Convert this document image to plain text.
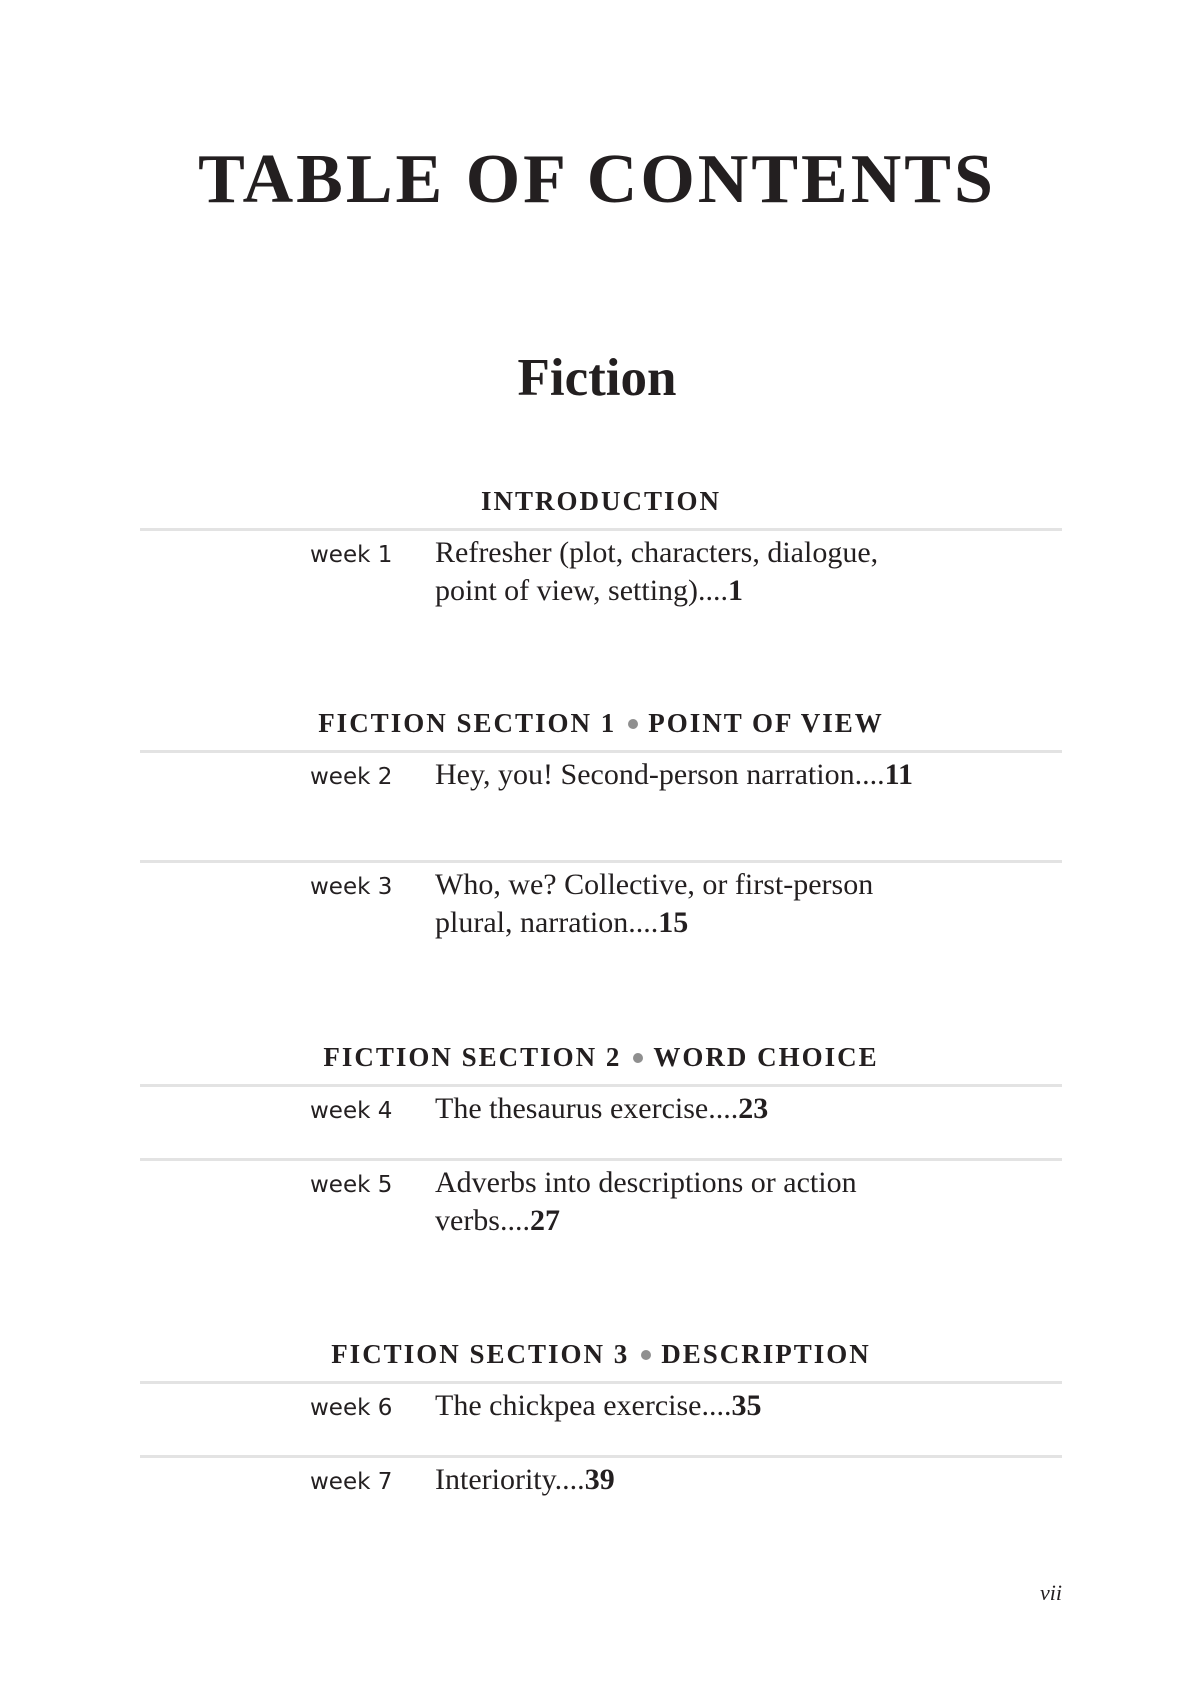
TABLE OF CONTENTS
Fiction
INTRODUCTION
week 1	Refresher (plot, characters, dialogue, point of view, setting)....1
FICTION SECTION 1 POINT OF VIEW
week 2	Hey, you! Second-person narration....11
week 3	Who, we? Collective, or first-person plural, narration....15
FICTION SECTION 2 WORD CHOICE
week 4	The thesaurus exercise....23
week 5	Adverbs into descriptions or action verbs....27
FICTION SECTION 3 DESCRIPTION
week 6	The chickpea exercise....35
week 7	Interiority....39
vii
